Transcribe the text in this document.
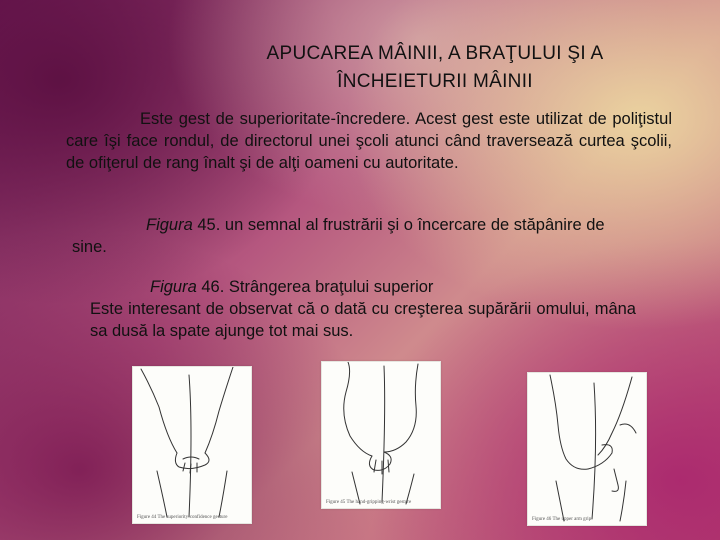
APUCAREA MÂINII, A BRAŢULUI ŞI A ÎNCHEIETURII MÂINII

Este gest de superioritate-încredere. Acest gest este utilizat de poliţistul care îşi face rondul, de directorul unei şcoli atunci când traversează curtea şcolii, de ofiţerul de rang înalt şi de alţi oameni cu autoritate.

Figura 45. un semnal al frustrării şi o încercare de stăpânire de sine.

Figura 46. Strângerea braţului superior
Este interesant de observat că o dată cu creşterea supărării omului, mâna sa dusă la spate ajunge tot mai sus.

Figure 44 The superiority-confidence gesture
Figure 45 The hand-gripping-wrist gesture
Figure 46 The upper arm grip
